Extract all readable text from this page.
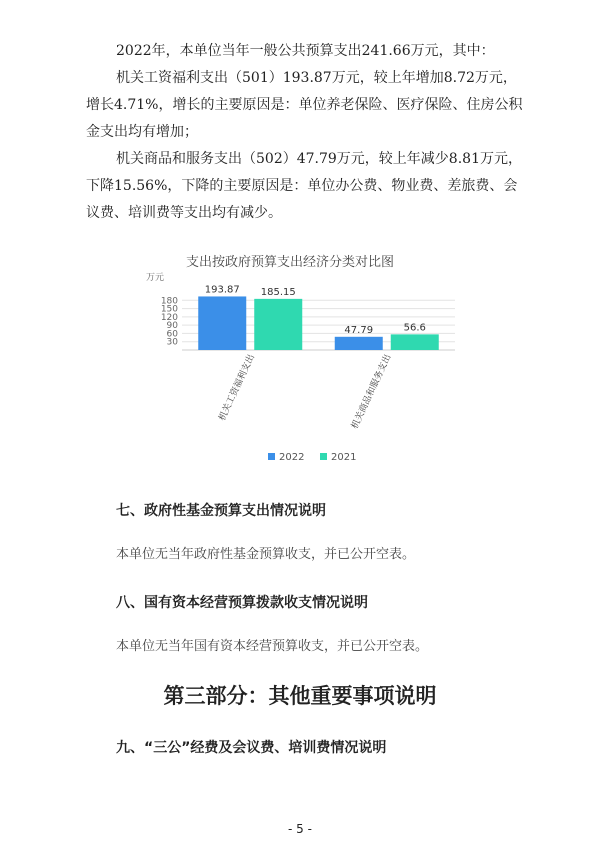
2022年，本单位当年一般公共预算支出241.66万元，其中：

机关工资福利支出（501）193.87万元，较上年增加8.72万元，增长4.71%，增长的主要原因是：单位养老保险、医疗保险、住房公积金支出均有增加；

机关商品和服务支出（502）47.79万元，较上年减少8.81万元，下降15.56%，下降的主要原因是：单位办公费、物业费、差旅费、会议费、培训费等支出均有减少。

支出按政府预算支出经济分类对比图
万元
30
60
90
120
150
180
193.87 185.15
47.79	56.6
机关工资福利支出	机关商品和服务支出
2022	2021
七、政府性基金预算支出情况说明

本单位无当年政府性基金预算收支，并已公开空表。

八、国有资本经营预算拨款收支情况说明

本单位无当年国有资本经营预算收支，并已公开空表。

第三部分：其他重要事项说明
九、“三公”经费及会议费、培训费情况说明
- 5 -
